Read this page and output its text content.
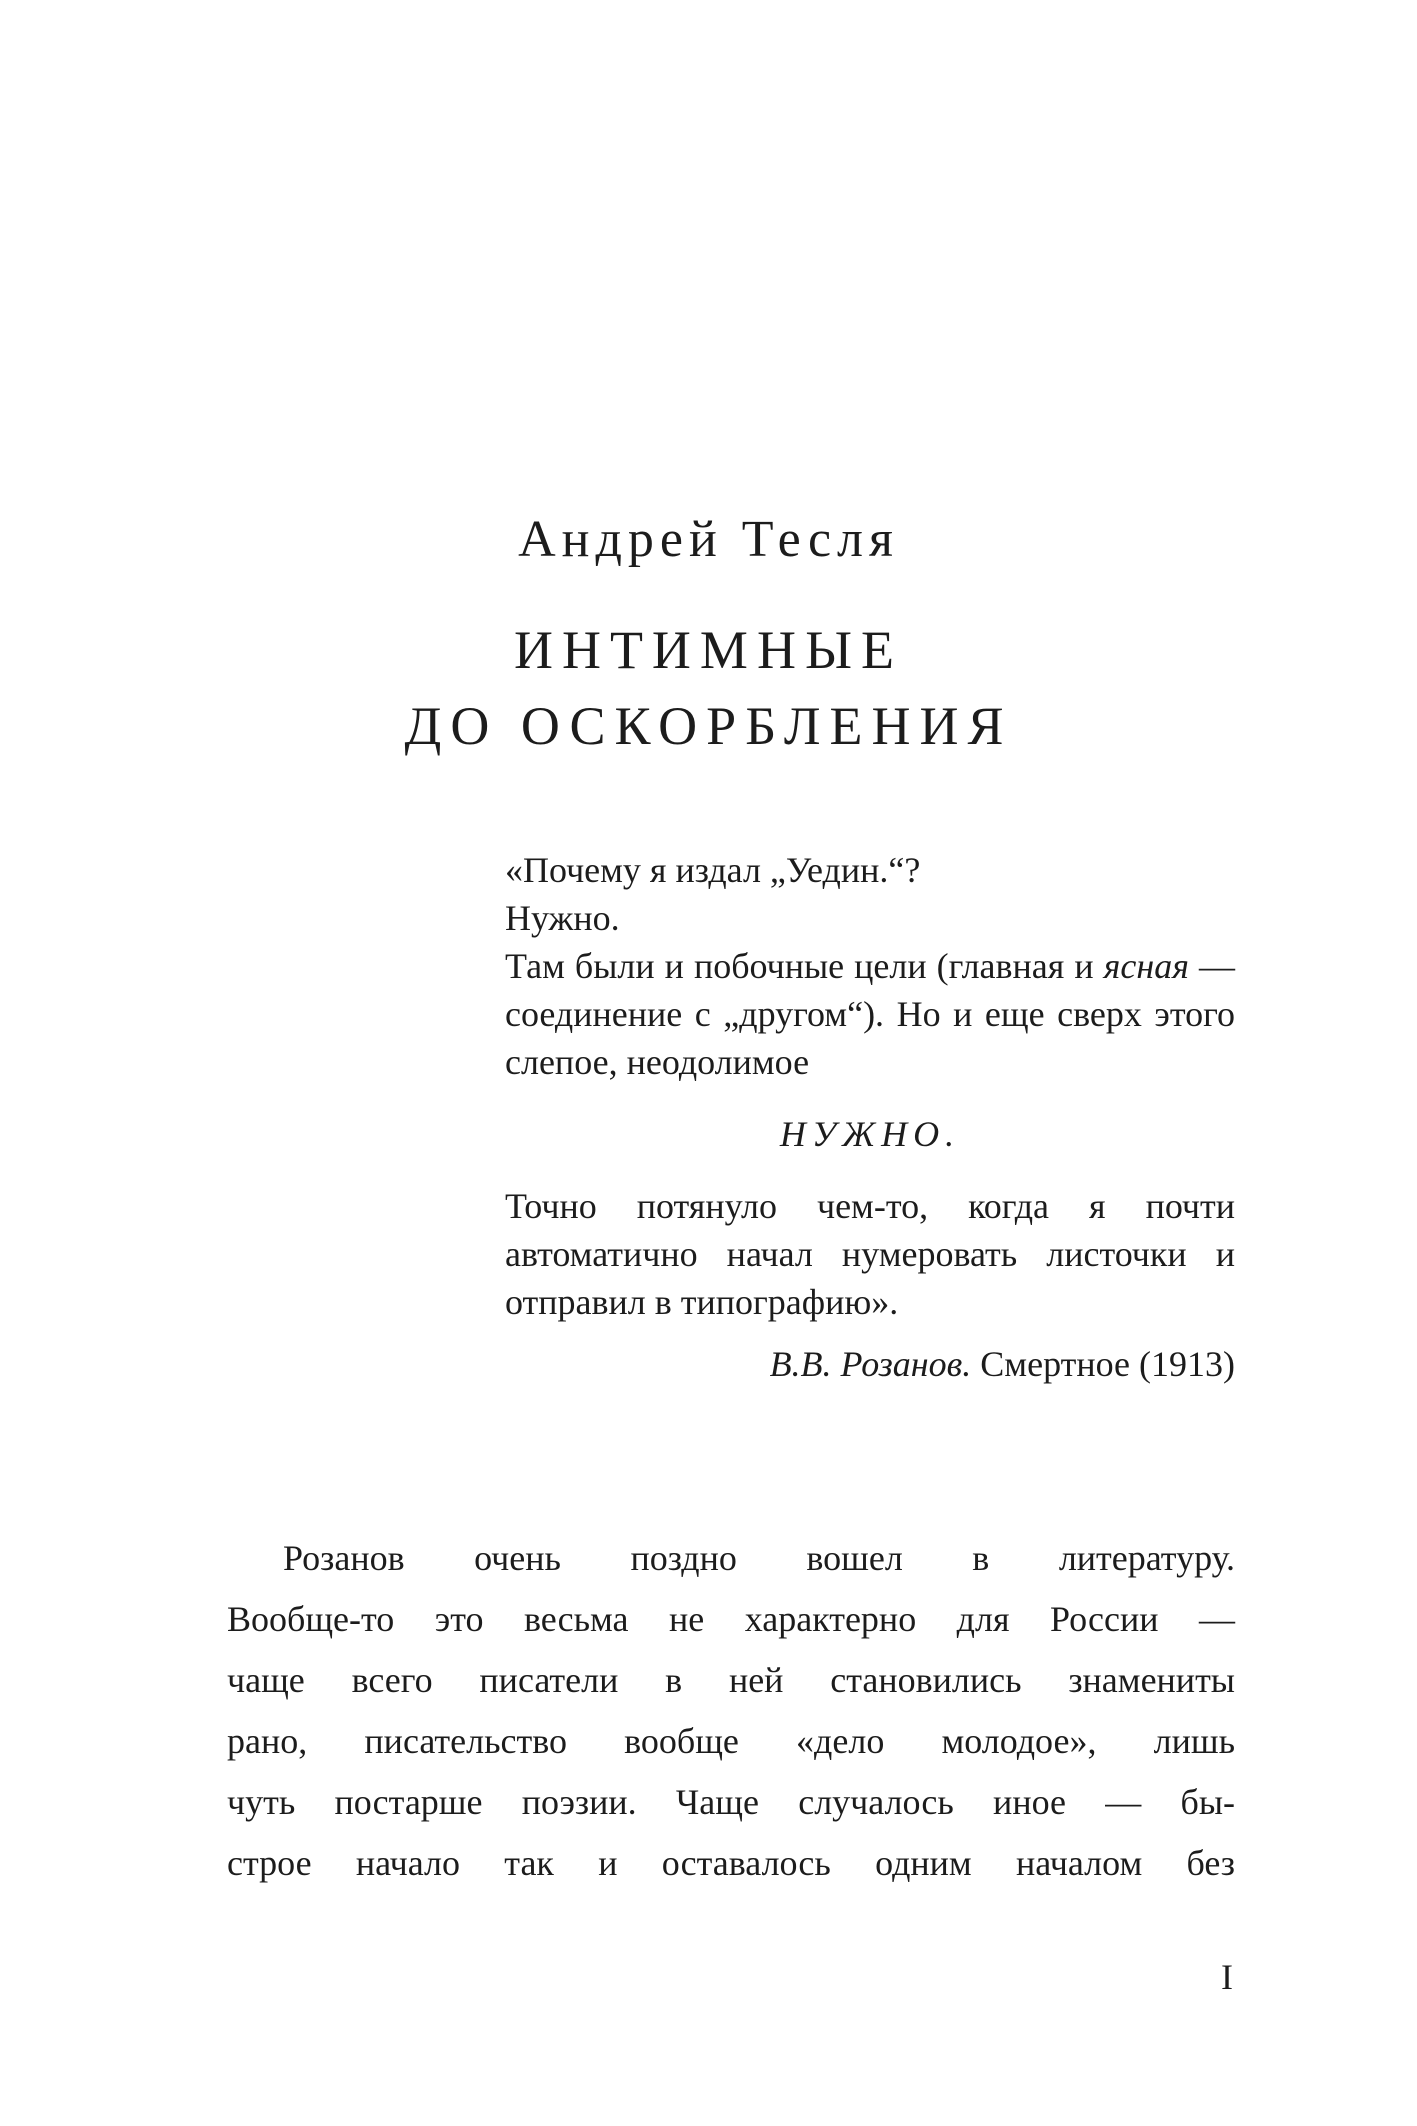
Андрей Тесля
ИНТИМНЫЕ
ДО ОСКОРБЛЕНИЯ

«Почему я издал „Уедин.“?

Нужно.

Там были и побочные цели (главная и ясная — соединение с „другом“). Но и еще сверх этого слепое, неодолимое

НУЖНО.

Точно потянуло чем-то, когда я почти автоматично начал нумеровать листочки и отправил в типографию».

В.В. Розанов. Смертное (1913)

Розанов очень поздно вошел в литературу.
Вообще-то это весьма не характерно для России —
чаще всего писатели в ней становились знамениты
рано, писательство вообще «дело молодое», лишь
чуть постарше поэзии. Чаще случалось иное — бы-
строе начало так и оставалось одним началом без
I
